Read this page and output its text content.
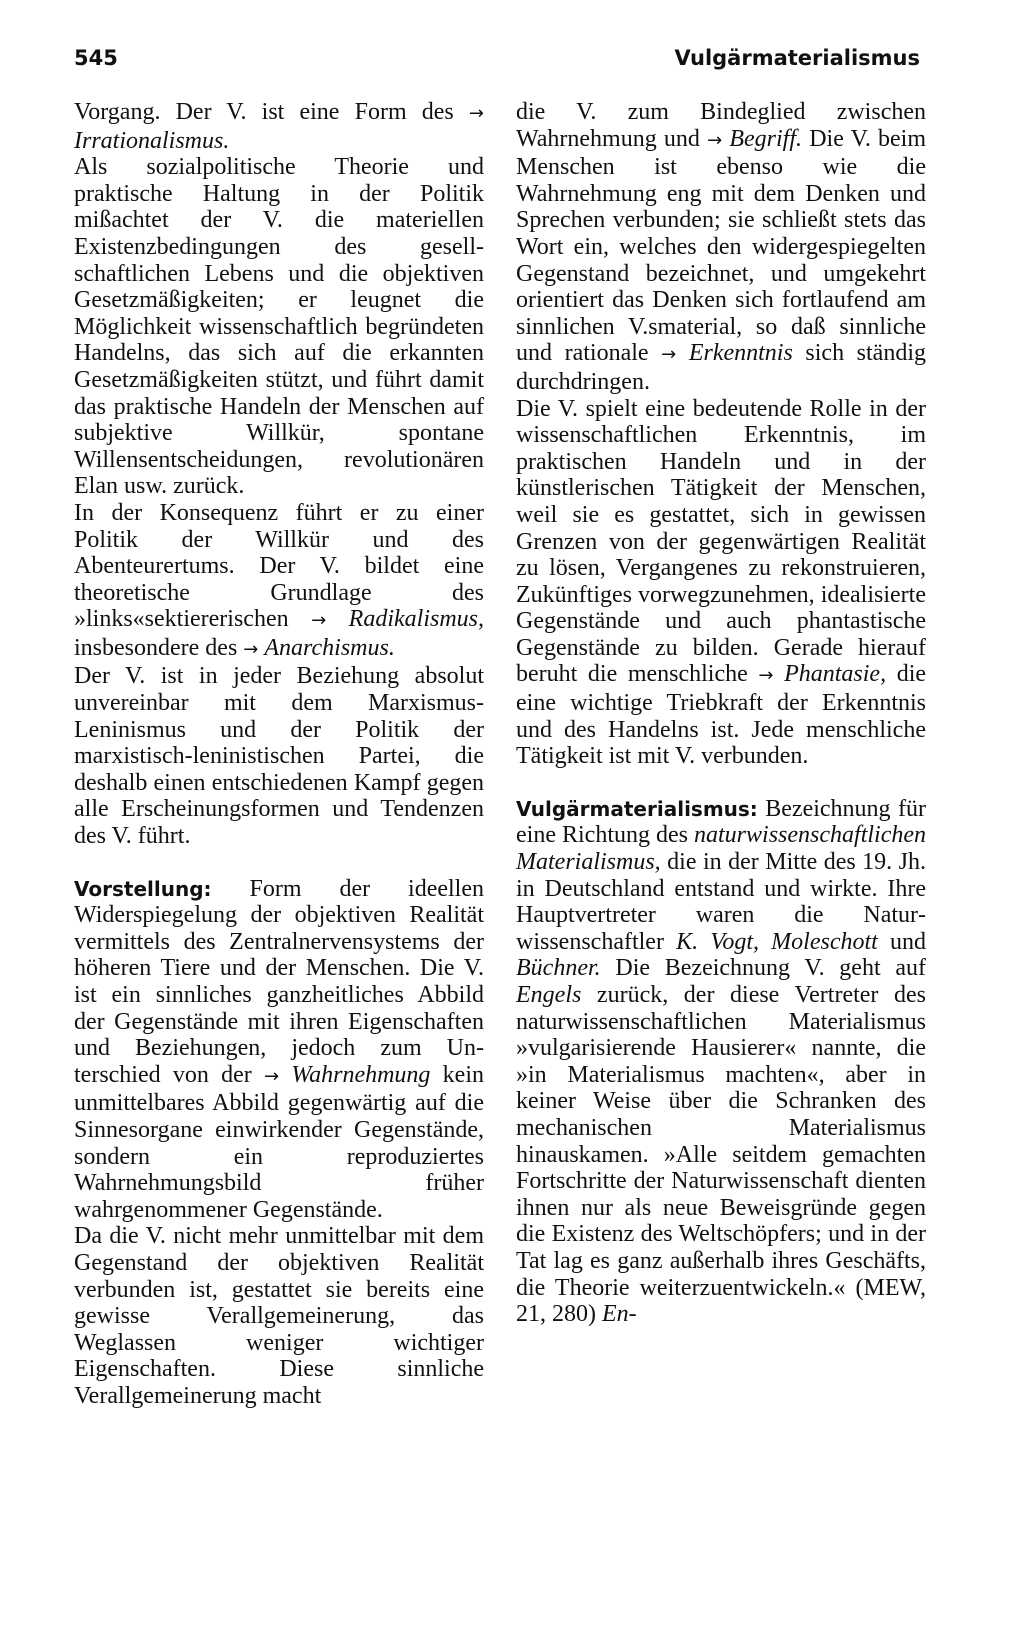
545	Vulgärmaterialismus

Vorgang. Der V. ist eine Form des → Irrationalismus.

Als sozialpolitische Theorie und praktische Haltung in der Politik mißachtet der V. die materiellen Existenzbedingungen des gesellschaftlichen Lebens und die objektiven Gesetzmäßigkeiten; er leugnet die Möglichkeit wissenschaftlich begründeten Handelns, das sich auf die erkannten Gesetzmäßigkeiten stützt, und führt damit das praktische Handeln der Menschen auf subjektive Willkür, spontane Willensentscheidungen, revolutionären Elan usw. zurück.

In der Konsequenz führt er zu einer Politik der Willkür und des Abenteurertums. Der V. bildet eine theoretische Grundlage des »links«sektiererischen → Radikalismus, insbesondere des → Anarchismus.

Der V. ist in jeder Beziehung absolut unvereinbar mit dem Marxismus-Leninismus und der Politik der marxistisch-leninistischen Partei, die deshalb einen entschiedenen Kampf gegen alle Erscheinungsformen und Tendenzen des V. führt.

Vorstellung: Form der ideellen Widerspiegelung der objektiven Realität vermittels des Zentralnervensystems der höheren Tiere und der Menschen. Die V. ist ein sinnliches ganzheitliches Abbild der Gegenstände mit ihren Eigenschaften und Beziehungen, jedoch zum Unterschied von der → Wahrnehmung kein unmittelbares Abbild gegenwärtig auf die Sinnesorgane einwirkender Gegenstände, sondern ein reproduziertes Wahrnehmungsbild früher wahrgenommener Gegenstände.

Da die V. nicht mehr unmittelbar mit dem Gegenstand der objektiven Realität verbunden ist, gestattet sie bereits eine gewisse Verallgemeinerung, das Weglassen weniger wichtiger Eigenschaften. Diese sinnliche Verallgemeinerung macht

die V. zum Bindeglied zwischen Wahrnehmung und → Begriff. Die V. beim Menschen ist ebenso wie die Wahrnehmung eng mit dem Denken und Sprechen verbunden; sie schließt stets das Wort ein, welches den widergespiegelten Gegenstand bezeichnet, und umgekehrt orientiert das Denken sich fortlaufend am sinnlichen V.smaterial, so daß sinnliche und rationale → Erkenntnis sich ständig durchdringen.

Die V. spielt eine bedeutende Rolle in der wissenschaftlichen Erkenntnis, im praktischen Handeln und in der künstlerischen Tätigkeit der Menschen, weil sie es gestattet, sich in gewissen Grenzen von der gegenwärtigen Realität zu lösen, Vergangenes zu rekonstruieren, Zukünftiges vorwegzunehmen, idealisierte Gegenstände und auch phantastische Gegenstände zu bilden. Gerade hierauf beruht die menschliche → Phantasie, die eine wichtige Triebkraft der Erkenntnis und des Handelns ist. Jede menschliche Tätigkeit ist mit V. verbunden.

Vulgärmaterialismus: Bezeichnung für eine Richtung des naturwissenschaftlichen Materialismus, die in der Mitte des 19. Jh. in Deutschland entstand und wirkte. Ihre Hauptvertreter waren die Naturwissenschaftler K. Vogt, Moleschott und Büchner. Die Bezeichnung V. geht auf Engels zurück, der diese Vertreter des naturwissenschaftlichen Materialismus »vulgarisierende Hausierer« nannte, die »in Materialismus machten«, aber in keiner Weise über die Schranken des mechanischen Materialismus hinauskamen. »Alle seitdem gemachten Fortschritte der Naturwissenschaft dienten ihnen nur als neue Beweisgründe gegen die Existenz des Weltschöpfers; und in der Tat lag es ganz außerhalb ihres Geschäfts, die Theorie weiterzuentwickeln.« (MEW, 21, 280) En-
